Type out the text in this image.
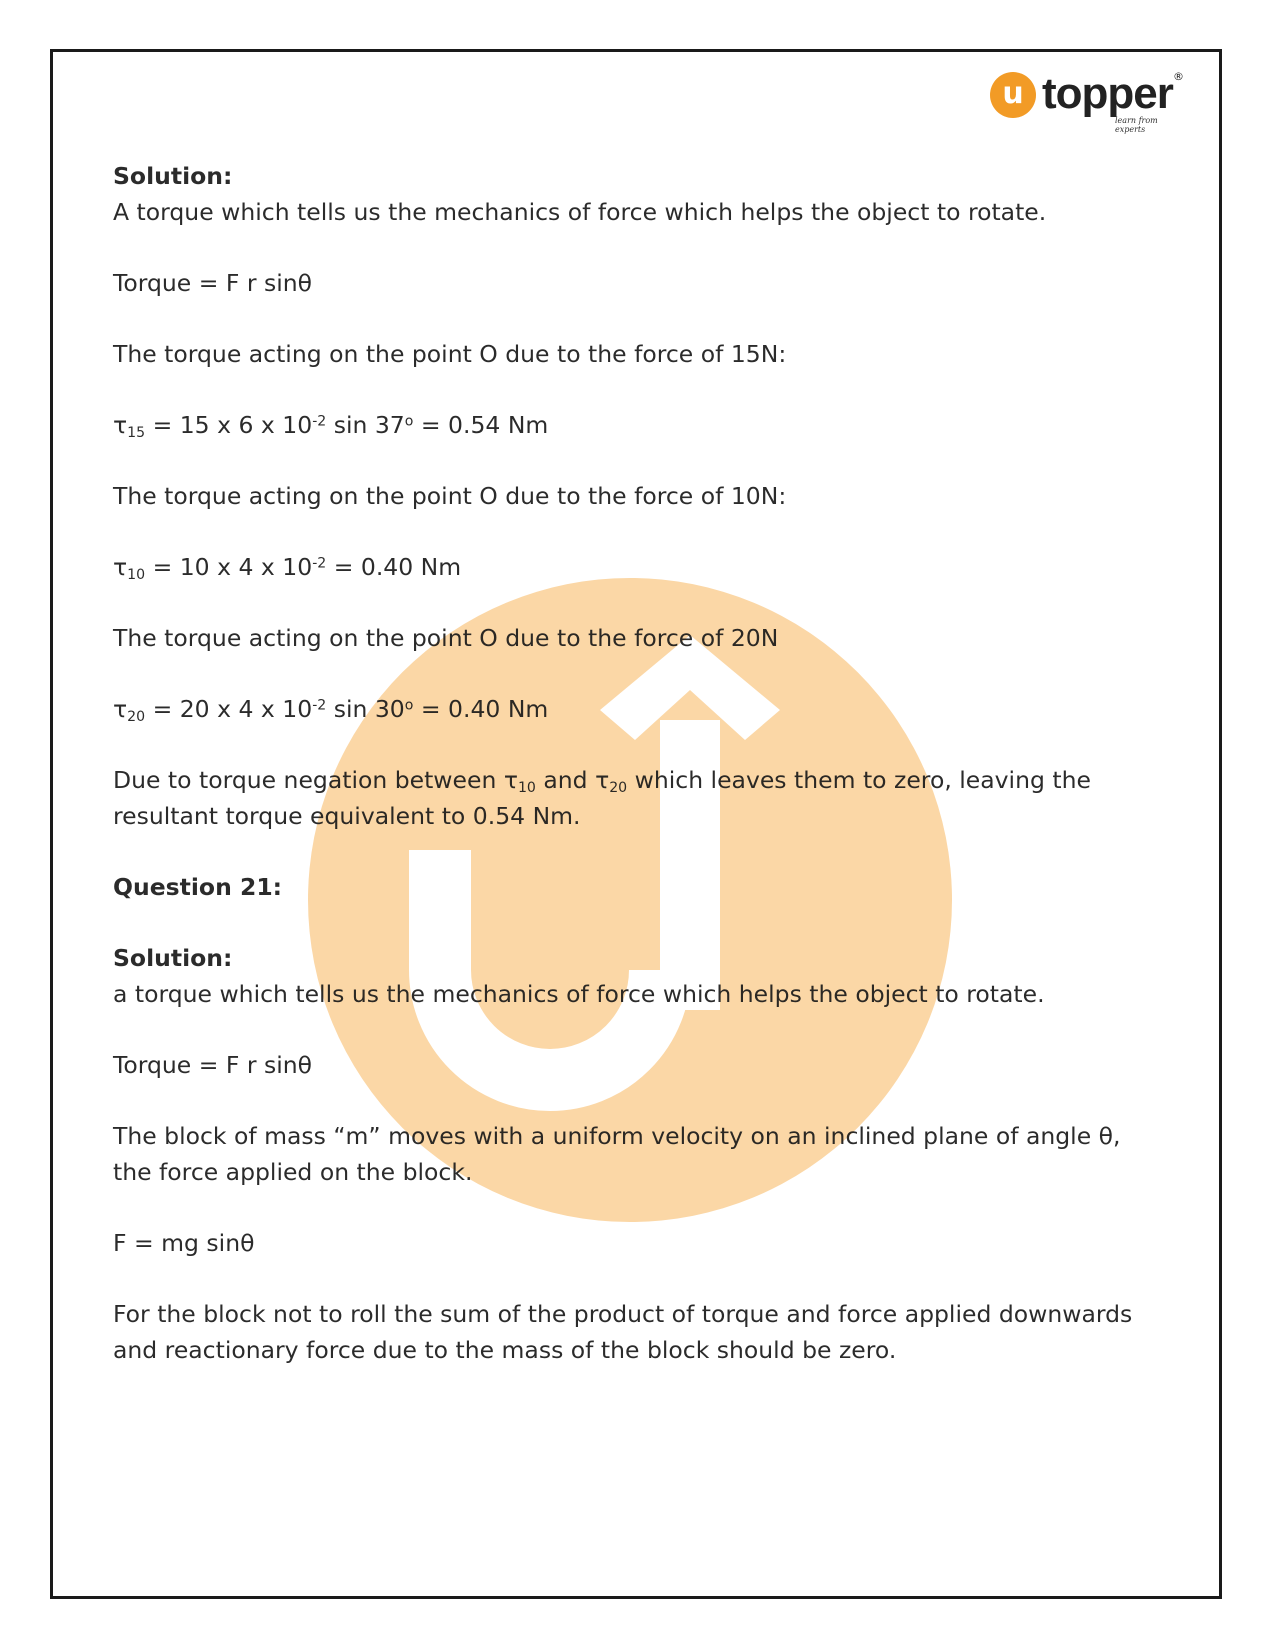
u topper ®
learn from experts

Solution:

A torque which tells us the mechanics of force which helps the object to rotate.

Torque = F r sinθ

The torque acting on the point O due to the force of 15N:

$\tau_{15} = 15$ x 6 x $10^{-2}$ $\sin 37^o = 0.54$ Nm

The torque acting on the point O due to the force of 10N:

$\tau_{10} = 10$ x 4 x $10^{-2} = 0.40$ Nm

The torque acting on the point O due to the force of 20N

$\tau_{20} = 20$ x 4 x $10^{-2}$ $\sin 30^o = 0.40$ Nm

Due to torque negation between $\tau_{10}$ and $\tau_{20}$ which leaves them to zero, leaving the

resultant torque equivalent to 0.54 Nm.

Question 21:

Solution:

a torque which tells us the mechanics of force which helps the object to rotate.

Torque = F r sinθ

The block of mass “m” moves with a uniform velocity on an inclined plane of angle θ,

the force applied on the block.

F = mg sinθ

For the block not to roll the sum of the product of torque and force applied downwards

and reactionary force due to the mass of the block should be zero.
